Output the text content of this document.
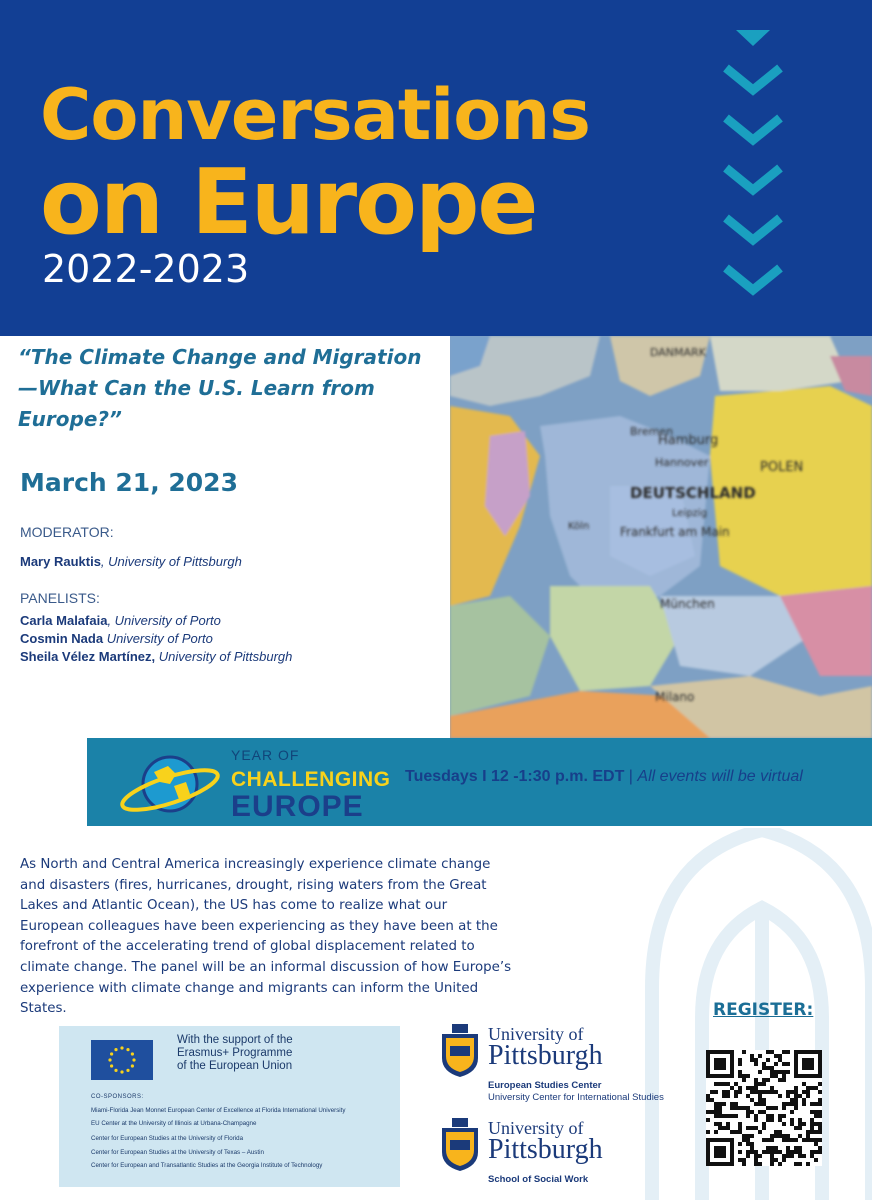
Conversations
on Europe
2022-2023
Hamburg
Bremen
Hannover
DEUTSCHLAND
Leipzig
Köln	Frankfurt am Main
München
POLEN
Milano
DANMARK
“The Climate Change and Migration—What Can the U.S. Learn from Europe?”
March 21, 2023
MODERATOR:
Mary Rauktis, University of Pittsburgh
PANELISTS:
Carla Malafaia, University of Porto
Cosmin Nada University of Porto
Sheila Vélez Martínez, University of Pittsburgh
YEAR OF
CHALLENGING
EUROPE
Tuesdays I 12 -1:30 p.m. EDT | All events will be virtual
As North and Central America increasingly experience climate change and disasters (fires, hurricanes, drought, rising waters from the Great Lakes and Atlantic Ocean), the US has come to realize what our European colleagues have been experiencing as they have been at the forefront of the accelerating trend of global displacement related to climate change. The panel will be an informal discussion of how Europe’s experience with climate change and migrants can inform the United States.	REGISTER:
With the support of the
Erasmus+ Programme
of the European Union
CO-SPONSORS:
Miami-Florida Jean Monnet European Center of Excellence at Florida International University
EU Center at the University of Illinois at Urbana-Champagne
Center for European Studies at the University of Florida
Center for European Studies at the University of Texas – Austin
Center for European and Transatlantic Studies at the Georgia Institute of Technology
University of
Pittsburgh
European Studies Center
University Center for International Studies
University of
Pittsburgh
School of Social Work
